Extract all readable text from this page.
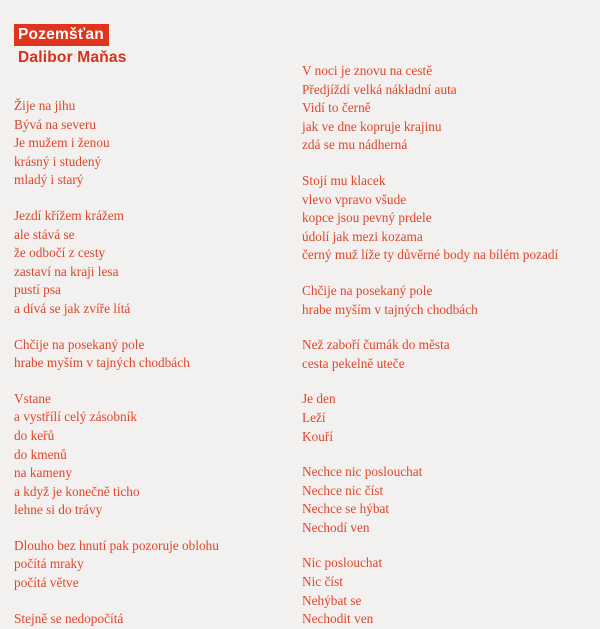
Pozemšťan
Dalibor Maňas
Žije na jihu
Bývá na severu
Je mužem i ženou
krásný i studený
mladý i starý
Jezdí křížem krážem
ale stává se
že odbočí z cesty
zastaví na kraji lesa
pustí psa
a dívá se jak zvíře lítá
Chčije na posekaný pole
hrabe myším v tajných chodbách
Vstane
a vystřílí celý zásobník
do keřů
do kmenů
na kameny
a když je konečně ticho
lehne si do trávy
Dlouho bez hnutí pak pozoruje oblohu
počítá mraky
počítá větve
Stejně se nedopočítá
V noci je znovu na cestě
Předjíždí velká nákladní auta
Vidí to černě
jak ve dne kopruje krajinu
zdá se mu nádherná
Stojí mu klacek
vlevo vpravo všude
kopce jsou pevný prdele
údolí jak mezi kozama
černý muž líže ty důvěrné body na bílém pozadí
Chčije na posekaný pole
hrabe myším v tajných chodbách
Než zaboří čumák do města
cesta pekelně uteče
Je den
Leží
Kouří
Nechce nic poslouchat
Nechce nic číst
Nechce se hýbat
Nechodí ven
Nic poslouchat
Nic číst
Nehýbat se
Nechodit ven
